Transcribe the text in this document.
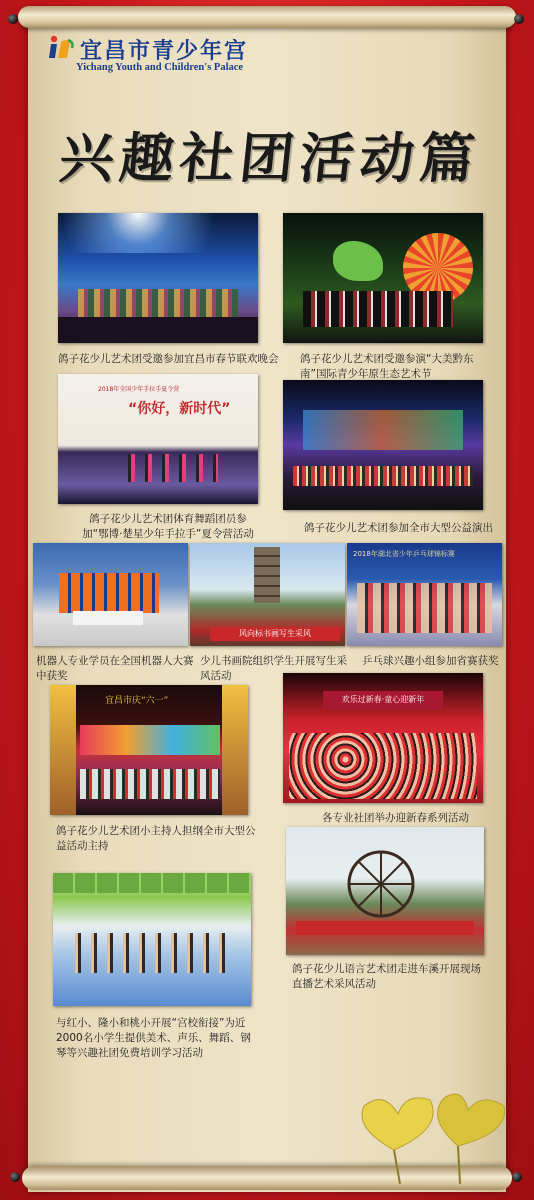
宜昌市青少年宫
Yichang Youth and Children's Palace
兴趣社团活动篇
鸽子花少儿艺术团受邀参加宜昌市春节联欢晚会	鸽子花少儿艺术团受邀参演“大美黔东南”国际青少年原生态艺术节
2018年全国少年手拉手夏令营
“你好，新时代”
鸽子花少儿艺术团体育舞蹈团员参加“鄂博·楚星少年手拉手”夏令营活动	鸽子花少儿艺术团参加全市大型公益演出
机器人专业学员在全国机器人大赛中获奖
风向标书画写生采风
少儿书画院组织学生开展写生采风活动
2018年湖北省少年乒乓球锦标赛
乒乓球兴趣小组参加省赛获奖
宜昌市庆“六一”
鸽子花少儿艺术团小主持人担纲全市大型公益活动主持
欢乐过新春·童心迎新年
各专业社团举办迎新春系列活动
鸽子花少儿语言艺术团走进车溪开展现场直播艺术采风活动
与红小、隆小和桃小开展“宫校衔接”为近2000名小学生提供美术、声乐、舞蹈、钢琴等兴趣社团免费培训学习活动
